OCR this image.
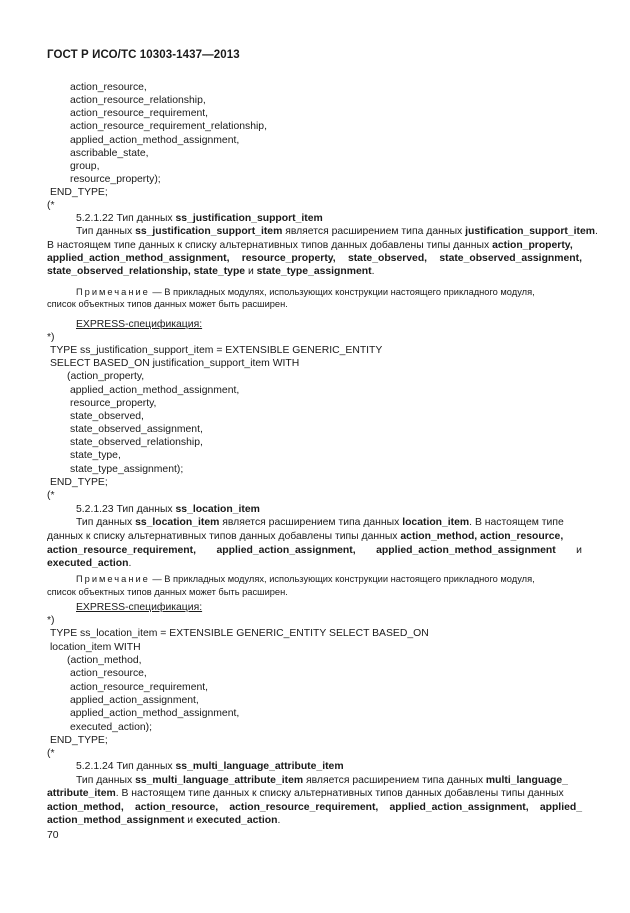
ГОСТ Р ИСО/ТС 10303-1437—2013
action_resource,
action_resource_relationship,
action_resource_requirement,
action_resource_requirement_relationship,
applied_action_method_assignment,
ascribable_state,
group,
resource_property);
END_TYPE;
(*
5.2.1.22 Тип данных ss_justification_support_item
Тип данных ss_justification_support_item является расширением типа данных justification_support_item.
В настоящем типе данных к списку альтернативных типов данных добавлены типы данных action_property,
applied_action_method_assignment, resource_property, state_observed, state_observed_assignment,
state_observed_relationship, state_type и state_type_assignment.
Примечание — В прикладных модулях, использующих конструкции настоящего прикладного модуля,
список объектных типов данных может быть расширен.
EXPRESS-спецификация:
*)
TYPE ss_justification_support_item = EXTENSIBLE GENERIC_ENTITY
SELECT BASED_ON justification_support_item WITH
(action_property,
applied_action_method_assignment,
resource_property,
state_observed,
state_observed_assignment,
state_observed_relationship,
state_type,
state_type_assignment);
END_TYPE;
(*
5.2.1.23 Тип данных ss_location_item
Тип данных ss_location_item является расширением типа данных location_item. В настоящем типе
данных к списку альтернативных типов данных добавлены типы данных action_method, action_resource,
action_resource_requirement, applied_action_assignment, applied_action_method_assignment и
executed_action.
Примечание — В прикладных модулях, использующих конструкции настоящего прикладного модуля,
список объектных типов данных может быть расширен.
EXPRESS-спецификация:
*)
TYPE ss_location_item = EXTENSIBLE GENERIC_ENTITY SELECT BASED_ON
location_item WITH
(action_method,
action_resource,
action_resource_requirement,
applied_action_assignment,
applied_action_method_assignment,
executed_action);
END_TYPE;
(*
5.2.1.24 Тип данных ss_multi_language_attribute_item
Тип данных ss_multi_language_attribute_item является расширением типа данных multi_language_
attribute_item. В настоящем типе данных к списку альтернативных типов данных добавлены типы данных
action_method, action_resource, action_resource_requirement, applied_action_assignment, applied_
action_method_assignment и executed_action.
70
